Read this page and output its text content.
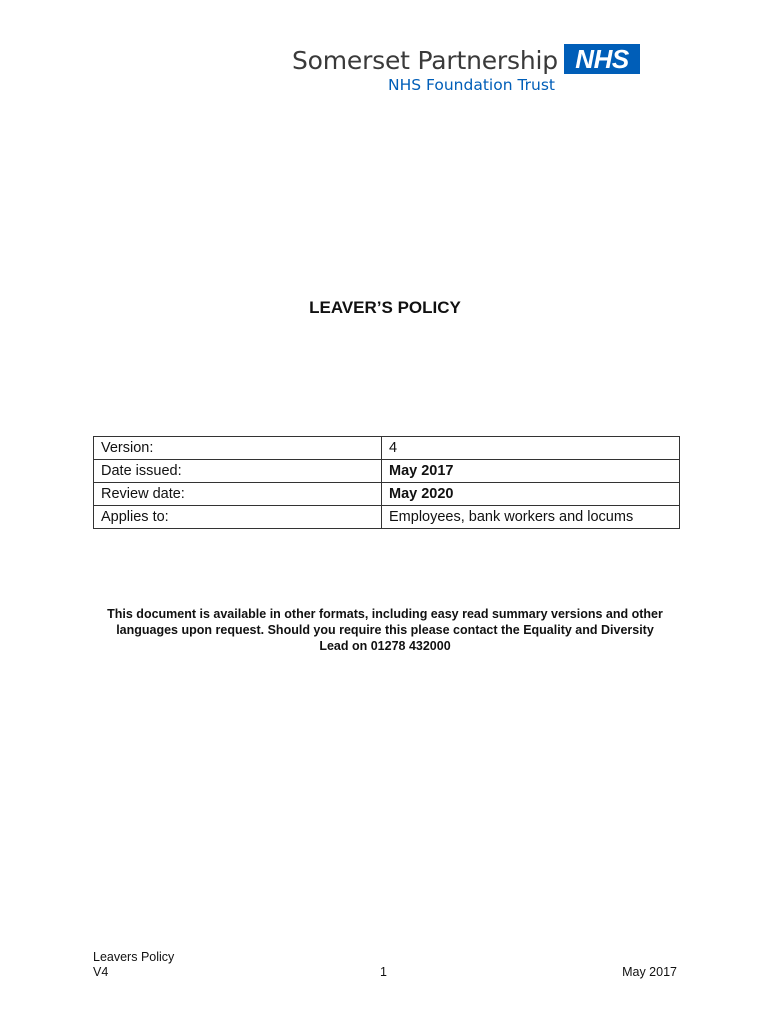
Somerset Partnership NHS
NHS Foundation Trust
LEAVER’S POLICY
Version:	4
Date issued:	May 2017
Review date:	May 2020
Applies to:	Employees, bank workers and locums
This document is available in other formats, including easy read summary versions and other languages upon request. Should you require this please contact the Equality and Diversity Lead on 01278 432000
Leavers Policy
V4	1	May 2017
